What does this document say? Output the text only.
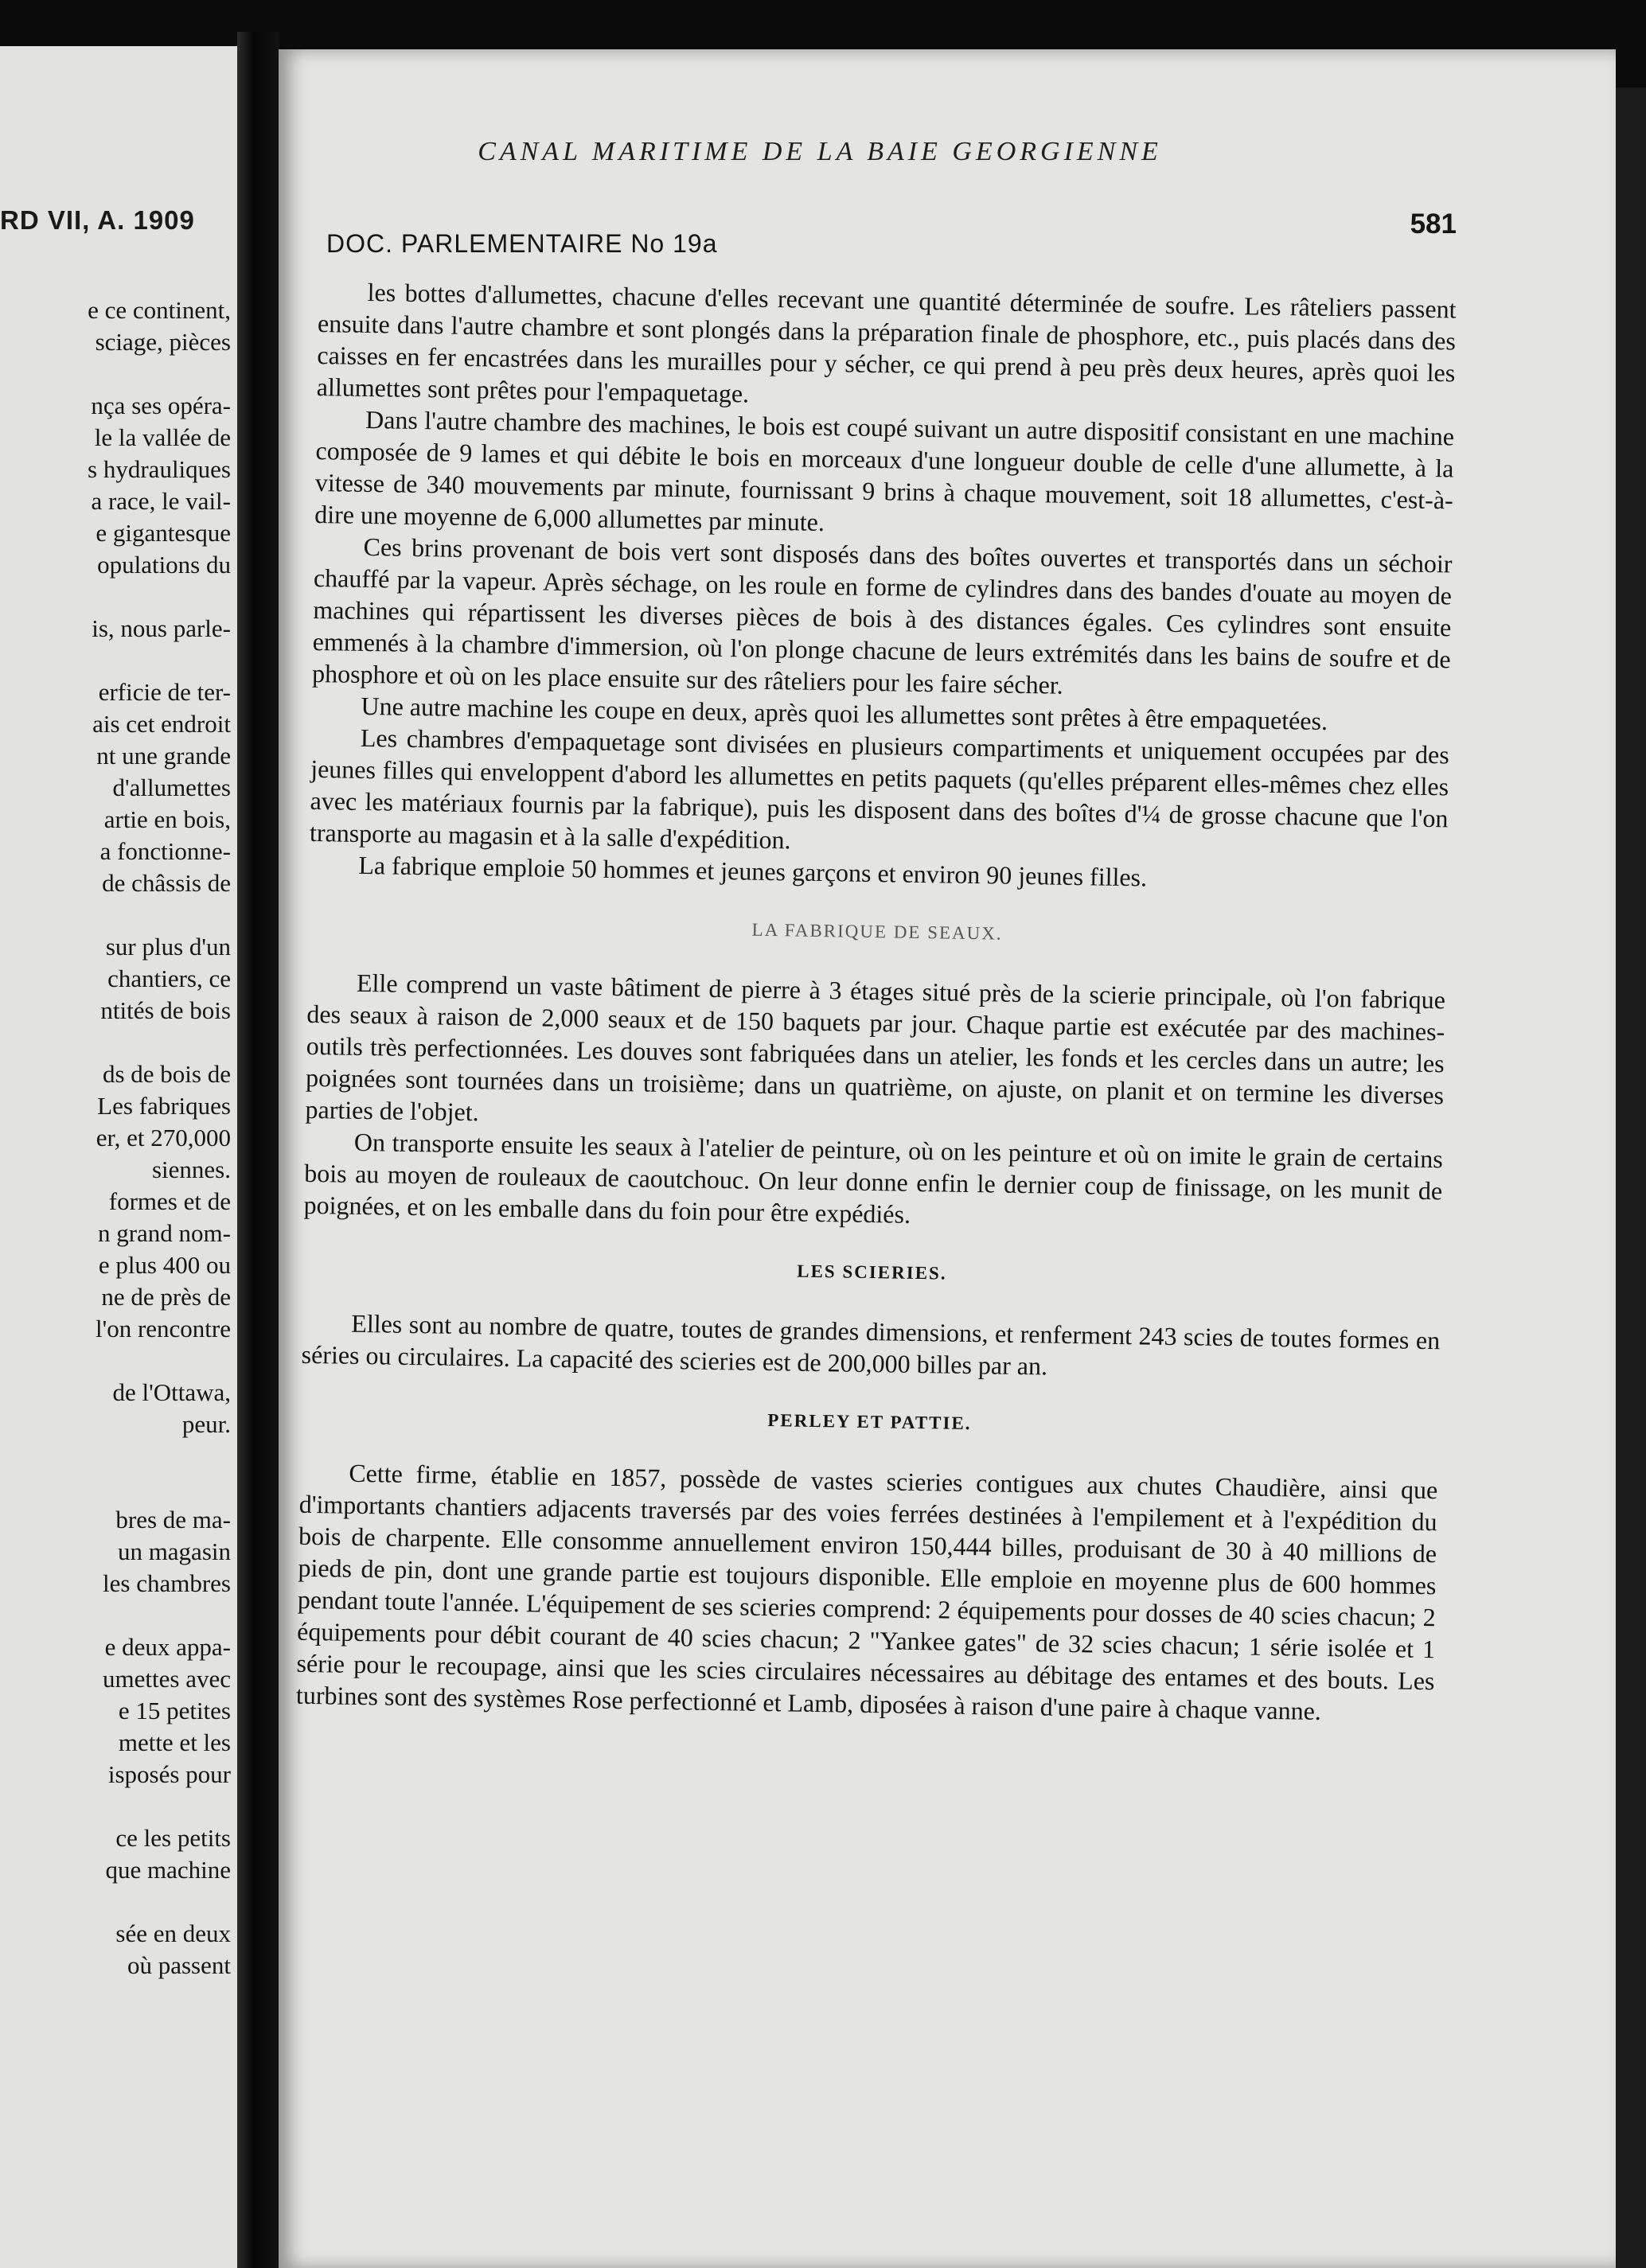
RD VII, A. 1909
e ce continent,
sciage, pièces
nça ses opéra-
le la vallée de
s hydrauliques
a race, le vail-
e gigantesque
opulations du
is, nous parle-
erficie de ter-
ais cet endroit
nt une grande
d'allumettes
artie en bois,
a fonctionne-
de châssis de
sur plus d'un
chantiers, ce
ntités de bois
ds de bois de
Les fabriques
er, et 270,000
siennes.
formes et de
n grand nom-
e plus 400 ou
ne de près de
l'on rencontre
de l'Ottawa,
peur.
bres de ma-
un magasin
les chambres
e deux appa-
umettes avec
e 15 petites
mette et les
isposés pour
ce les petits
que machine
sée en deux
où passent
DOC. PARLEMENTAIRE No 19a

les bottes d'allumettes, chacune d'elles recevant une quantité déterminée de soufre. Les râteliers passent ensuite dans l'autre chambre et sont plongés dans la préparation finale de phosphore, etc., puis placés dans des caisses en fer encastrées dans les murailles pour y sécher, ce qui prend à peu près deux heures, après quoi les allumettes sont prêtes pour l'empaquetage.

Dans l'autre chambre des machines, le bois est coupé suivant un autre dispositif consistant en une machine composée de 9 lames et qui débite le bois en morceaux d'une longueur double de celle d'une allumette, à la vitesse de 340 mouvements par minute, fournissant 9 brins à chaque mouvement, soit 18 allumettes, c'est-à-dire une moyenne de 6,000 allumettes par minute.

Ces brins provenant de bois vert sont disposés dans des boîtes ouvertes et transportés dans un séchoir chauffé par la vapeur. Après séchage, on les roule en forme de cylindres dans des bandes d'ouate au moyen de machines qui répartissent les diverses pièces de bois à des distances égales. Ces cylindres sont ensuite emmenés à la chambre d'immersion, où l'on plonge chacune de leurs extrémités dans les bains de soufre et de phosphore et où on les place ensuite sur des râteliers pour les faire sécher.

Une autre machine les coupe en deux, après quoi les allumettes sont prêtes à être empaquetées.

Les chambres d'empaquetage sont divisées en plusieurs compartiments et uniquement occupées par des jeunes filles qui enveloppent d'abord les allumettes en petits paquets (qu'elles préparent elles-mêmes chez elles avec les matériaux fournis par la fabrique), puis les disposent dans des boîtes d'¼ de grosse chacune que l'on transporte au magasin et à la salle d'expédition.

La fabrique emploie 50 hommes et jeunes garçons et environ 90 jeunes filles.

LA FABRIQUE DE SEAUX.

Elle comprend un vaste bâtiment de pierre à 3 étages situé près de la scierie principale, où l'on fabrique des seaux à raison de 2,000 seaux et de 150 baquets par jour. Chaque partie est exécutée par des machines-outils très perfectionnées. Les douves sont fabriquées dans un atelier, les fonds et les cercles dans un autre; les poignées sont tournées dans un troisième; dans un quatrième, on ajuste, on planit et on termine les diverses parties de l'objet.

On transporte ensuite les seaux à l'atelier de peinture, où on les peinture et où on imite le grain de certains bois au moyen de rouleaux de caoutchouc. On leur donne enfin le dernier coup de finissage, on les munit de poignées, et on les emballe dans du foin pour être expédiés.

LES SCIERIES.

Elles sont au nombre de quatre, toutes de grandes dimensions, et renferment 243 scies de toutes formes en séries ou circulaires. La capacité des scieries est de 200,000 billes par an.

PERLEY ET PATTIE.

Cette firme, établie en 1857, possède de vastes scieries contigues aux chutes Chaudière, ainsi que d'importants chantiers adjacents traversés par des voies ferrées destinées à l'empilement et à l'expédition du bois de charpente. Elle consomme annuellement environ 150,444 billes, produisant de 30 à 40 millions de pieds de pin, dont une grande partie est toujours disponible. Elle emploie en moyenne plus de 600 hommes pendant toute l'année. L'équipement de ses scieries comprend: 2 équipements pour dosses de 40 scies chacun; 2 équipements pour débit courant de 40 scies chacun; 2 "Yankee gates" de 32 scies chacun; 1 série isolée et 1 série pour le recoupage, ainsi que les scies circulaires nécessaires au débitage des entames et des bouts. Les turbines sont des systèmes Rose perfectionné et Lamb, diposées à raison d'une paire à chaque vanne.

CANAL MARITIME DE LA BAIE GEORGIENNE
581
